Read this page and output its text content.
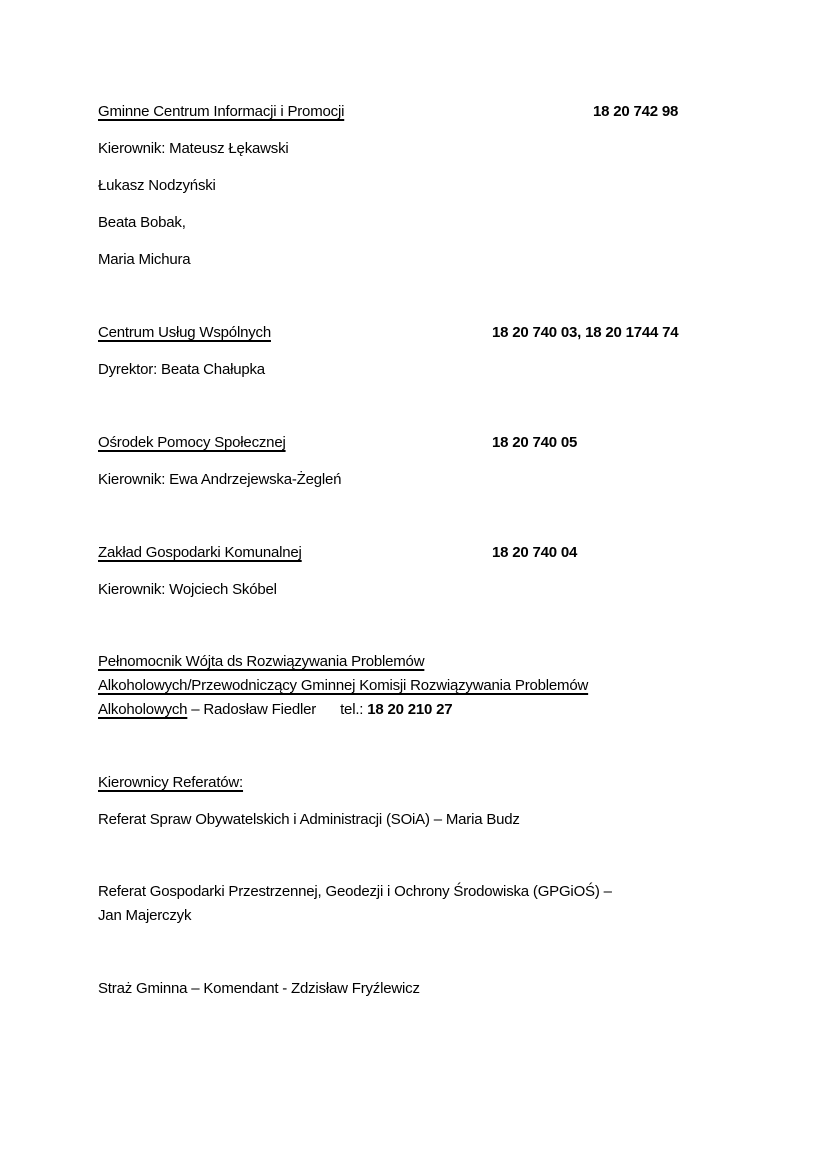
Gminne Centrum Informacji i Promocji	18 20 742 98
Kierownik: Mateusz Łękawski
Łukasz Nodzyński
Beata Bobak,
Maria Michura
Centrum Usług Wspólnych	18 20 740 03, 18 20 1744 74
Dyrektor: Beata Chałupka
Ośrodek Pomocy Społecznej	18 20 740 05
Kierownik: Ewa Andrzejewska-Żegleń
Zakład Gospodarki Komunalnej	18 20 740 04
Kierownik: Wojciech Skóbel
Pełnomocnik Wójta ds Rozwiązywania Problemów
Alkoholowych/Przewodniczący Gminnej Komisji Rozwiązywania Problemów
Alkoholowych – Radosław Fiedler tel.: 18 20 210 27
Kierownicy Referatów:
Referat Spraw Obywatelskich i Administracji (SOiA) – Maria Budz
Referat Gospodarki Przestrzennej, Geodezji i Ochrony Środowiska (GPGiOŚ) –
Jan Majerczyk
Straż Gminna – Komendant - Zdzisław Fryźlewicz
